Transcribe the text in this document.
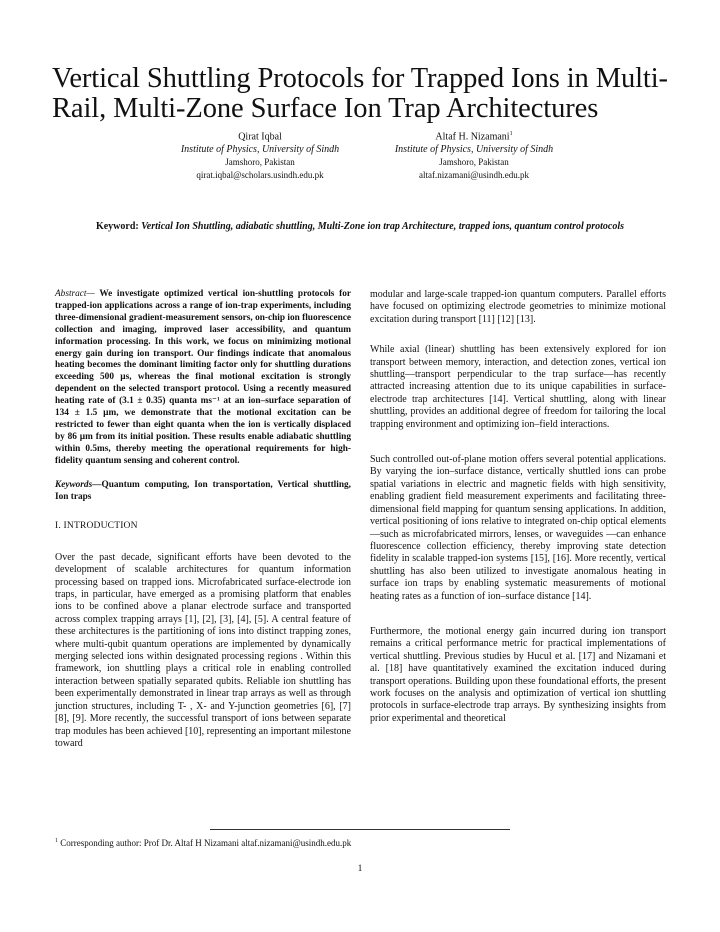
Vertical Shuttling Protocols for Trapped Ions in Multi-Rail, Multi-Zone Surface Ion Trap Architectures
Qirat Iqbal
Institute of Physics, University of Sindh
Jamshoro, Pakistan
qirat.iqbal@scholars.usindh.edu.pk
Altaf H. Nizamani$^1$
Institute of Physics, University of Sindh
Jamshoro, Pakistan
altaf.nizamani@usindh.edu.pk
Keyword: Vertical Ion Shuttling, adiabatic shuttling, Multi-Zone ion trap Architecture, trapped ions, quantum control protocols

Abstract— We investigate optimized vertical ion-shuttling protocols for trapped-ion applications across a range of ion-trap experiments, including three-dimensional gradient-measurement sensors, on-chip ion fluorescence collection and imaging, improved laser accessibility, and quantum information processing. In this work, we focus on minimizing motional energy gain during ion transport. Our findings indicate that anomalous heating becomes the dominant limiting factor only for shuttling durations exceeding 500 µs, whereas the final motional excitation is strongly dependent on the selected transport protocol. Using a recently measured heating rate of (3.1 ± 0.35) quanta ms⁻¹ at an ion–surface separation of 134 ± 1.5 µm, we demonstrate that the motional excitation can be restricted to fewer than eight quanta when the ion is vertically displaced by 86 µm from its initial position. These results enable adiabatic shuttling within 0.5ms, thereby meeting the operational requirements for high-fidelity quantum sensing and coherent control.

Keywords—Quantum computing, Ion transportation, Vertical shuttling, Ion traps

I. INTRODUCTION

Over the past decade, significant efforts have been devoted to the development of scalable architectures for quantum information processing based on trapped ions. Microfabricated surface-electrode ion traps, in particular, have emerged as a promising platform that enables ions to be confined above a planar electrode surface and transported across complex trapping arrays [1], [2], [3], [4], [5]. A central feature of these architectures is the partitioning of ions into distinct trapping zones, where multi-qubit quantum operations are implemented by dynamically merging selected ions within designated processing regions . Within this framework, ion shuttling plays a critical role in enabling controlled interaction between spatially separated qubits. Reliable ion shuttling has been experimentally demonstrated in linear trap arrays as well as through junction structures, including T- , X- and Y-junction geometries [6], [7] [8], [9]. More recently, the successful transport of ions between separate trap modules has been achieved [10], representing an important milestone toward

modular and large-scale trapped-ion quantum computers. Parallel efforts have focused on optimizing electrode geometries to minimize motional excitation during transport [11] [12] [13].

While axial (linear) shuttling has been extensively explored for ion transport between memory, interaction, and detection zones, vertical ion shuttling—transport perpendicular to the trap surface—has recently attracted increasing attention due to its unique capabilities in surface-electrode trap architectures [14]. Vertical shuttling, along with linear shuttling, provides an additional degree of freedom for tailoring the local trapping environment and optimizing ion–field interactions.

Such controlled out-of-plane motion offers several potential applications. By varying the ion–surface distance, vertically shuttled ions can probe spatial variations in electric and magnetic fields with high sensitivity, enabling gradient field measurement experiments and facilitating three-dimensional field mapping for quantum sensing applications. In addition, vertical positioning of ions relative to integrated on-chip optical elements—such as microfabricated mirrors, lenses, or waveguides —can enhance fluorescence collection efficiency, thereby improving state detection fidelity in scalable trapped-ion systems [15], [16]. More recently, vertical shuttling has also been utilized to investigate anomalous heating in surface ion traps by enabling systematic measurements of motional heating rates as a function of ion–surface distance [14].

Furthermore, the motional energy gain incurred during ion transport remains a critical performance metric for practical implementations of vertical shuttling. Previous studies by Hucul et al. [17] and Nizamani et al. [18] have quantitatively examined the excitation induced during transport operations. Building upon these foundational efforts, the present work focuses on the analysis and optimization of vertical ion shuttling protocols in surface-electrode trap arrays. By synthesizing insights from prior experimental and theoretical

$^1$ Corresponding author: Prof Dr. Altaf H Nizamani altaf.nizamani@usindh.edu.pk
1
